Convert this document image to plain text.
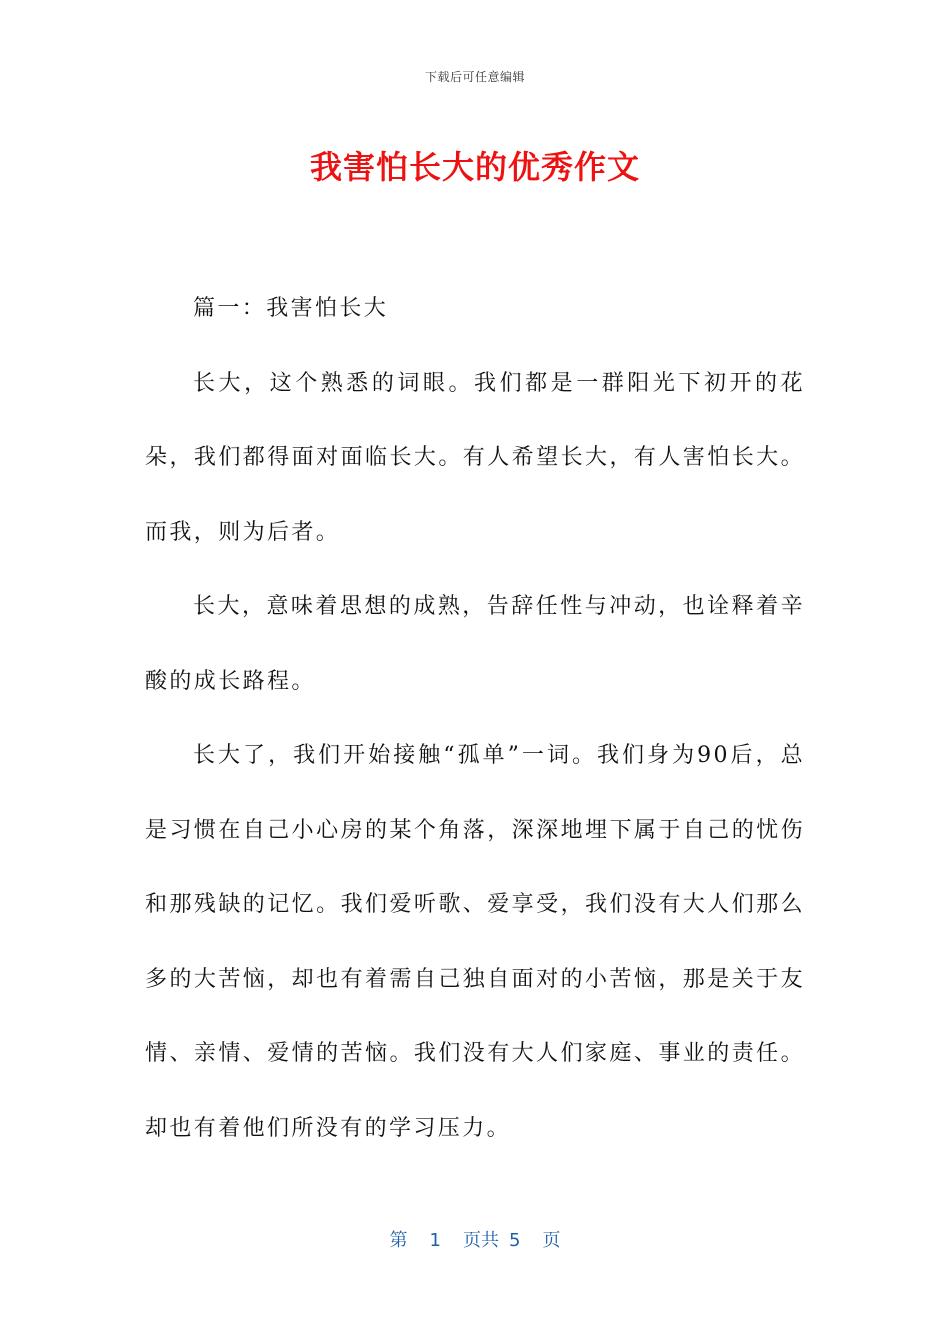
下载后可任意编辑
我害怕长大的优秀作文

篇一：我害怕长大

长大，这个熟悉的词眼。我们都是一群阳光下初开的花朵，我们都得面对面临长大。有人希望长大，有人害怕长大。而我，则为后者。

长大，意味着思想的成熟，告辞任性与冲动，也诠释着辛酸的成长路程。

长大了，我们开始接触“孤单”一词。我们身为90后，总是习惯在自己小心房的某个角落，深深地埋下属于自己的忧伤和那残缺的记忆。我们爱听歌、爱享受，我们没有大人们那么多的大苦恼，却也有着需自己独自面对的小苦恼，那是关于友情、亲情、爱情的苦恼。我们没有大人们家庭、事业的责任。却也有着他们所没有的学习压力。

第 1 页共 5 页
